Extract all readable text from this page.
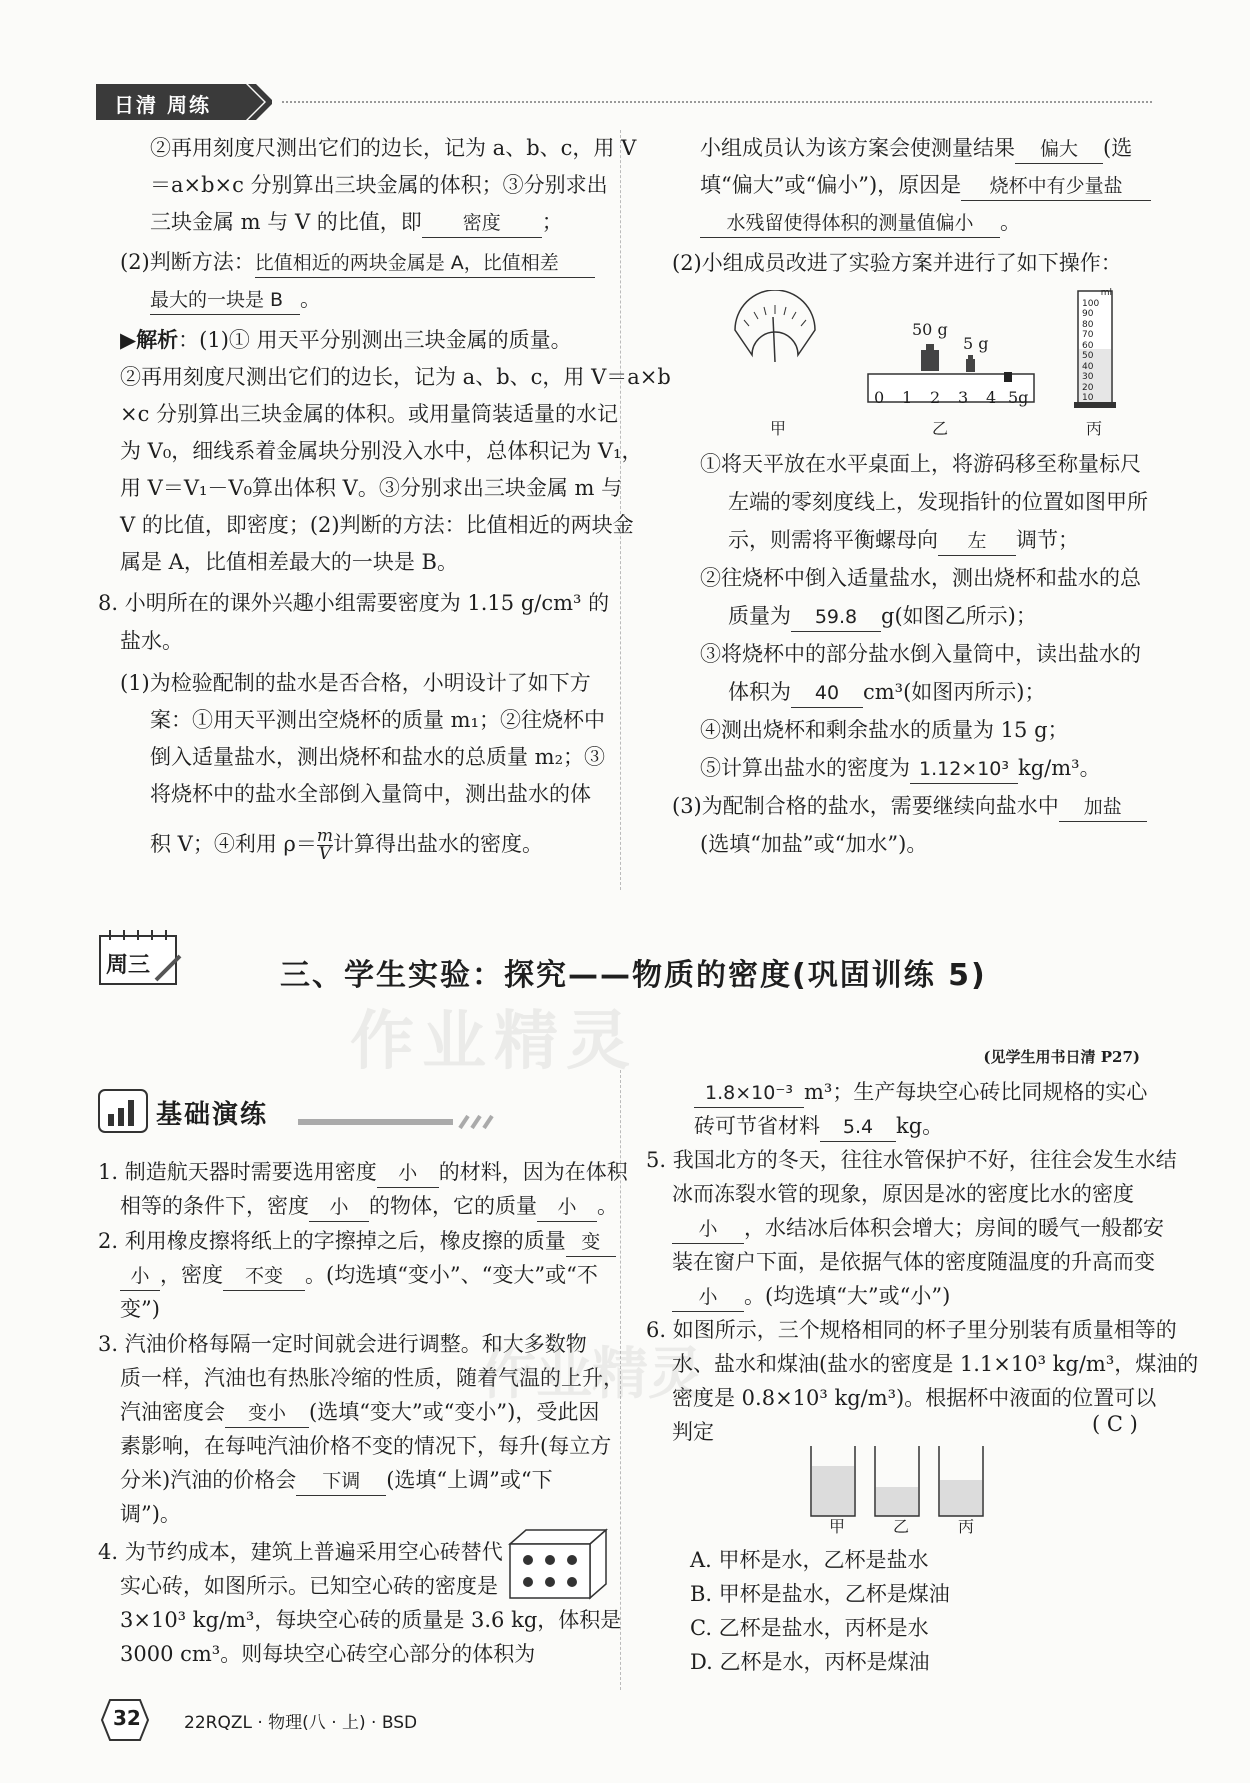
日清 周练
②再用刻度尺测出它们的边长，记为 a、b、c，用 V
＝a×b×c 分别算出三块金属的体积；③分别求出
三块金属 m 与 V 的比值，即 密度 ；
(2)判断方法：比值相近的两块金属是 A，比值相差
最大的一块是 B 。
▶解析：(1)① 用天平分别测出三块金属的质量。
②再用刻度尺测出它们的边长，记为 a、b、c，用 V＝a×b
×c 分别算出三块金属的体积。或用量筒装适量的水记
为 V₀，细线系着金属块分别没入水中，总体积记为 V₁，
用 V＝V₁－V₀算出体积 V。③分别求出三块金属 m 与
V 的比值，即密度；(2)判断的方法：比值相近的两块金
属是 A，比值相差最大的一块是 B。
8. 小明所在的课外兴趣小组需要密度为 1.15 g/cm³ 的
盐水。
(1)为检验配制的盐水是否合格，小明设计了如下方
案：①用天平测出空烧杯的质量 m₁；②往烧杯中
倒入适量盐水，测出烧杯和盐水的总质量 m₂；③
将烧杯中的盐水全部倒入量筒中，测出盐水的体
积 V；④利用 $\rho= \frac{m}{V}$ 计算得出盐水的密度。
小组成员认为该方案会使测量结果 偏大 (选
填“偏大”或“偏小”)，原因是 烧杯中有少量盐
水残留使得体积的测量值偏小 。
(2)小组成员改进了实验方案并进行了如下操作：
甲
50 g
5 g
0 1 2 3 4 5g
乙
ml
100
90
80
70
60
50
40
30
20
10
丙
①将天平放在水平桌面上，将游码移至称量标尺
左端的零刻度线上，发现指针的位置如图甲所
示，则需将平衡螺母向 左 调节；
②往烧杯中倒入适量盐水，测出烧杯和盐水的总
质量为 59.8 g(如图乙所示)；
③将烧杯中的部分盐水倒入量筒中，读出盐水的
体积为 40 cm³(如图丙所示)；
④测出烧杯和剩余盐水的质量为 15 g；
⑤计算出盐水的密度为 1.12×10³ kg/m³。
(3)为配制合格的盐水，需要继续向盐水中 加盐
(选填“加盐”或“加水”)。
周三	三、学生实验：探究——物质的密度(巩固训练 5)
作业精灵	(见学生用书日清 P27)
基础演练
1. 制造航天器时需要选用密度 小 的材料，因为在体积
相等的条件下，密度 小 的物体，它的质量 小 。
2. 利用橡皮擦将纸上的字擦掉之后，橡皮擦的质量 变
小 ，密度 不变 。(均选填“变小”、“变大”或“不
变”)
3. 汽油价格每隔一定时间就会进行调整。和大多数物
质一样，汽油也有热胀冷缩的性质，随着气温的上升，
汽油密度会 变小 (选填“变大”或“变小”)，受此因
素影响，在每吨汽油价格不变的情况下，每升(每立方
分米)汽油的价格会 下调 (选填“上调”或“下
调”)。
作业精灵
4. 为节约成本，建筑上普遍采用空心砖替代
实心砖，如图所示。已知空心砖的密度是
3×10³ kg/m³，每块空心砖的质量是 3.6 kg，体积是
3000 cm³。则每块空心砖空心部分的体积为
1.8×10⁻³ m³；生产每块空心砖比同规格的实心
砖可节省材料 5.4 kg。
5. 我国北方的冬天，往往水管保护不好，往往会发生水结
冰而冻裂水管的现象，原因是冰的密度比水的密度
小 ，水结冰后体积会增大；房间的暖气一般都安
装在窗户下面，是依据气体的密度随温度的升高而变
小 。(均选填“大”或“小”)
6. 如图所示，三个规格相同的杯子里分别装有质量相等的
水、盐水和煤油(盐水的密度是 1.1×10³ kg/m³，煤油的
密度是 0.8×10³ kg/m³)。根据杯中液面的位置可以
判定	( C )
甲	乙	丙
A. 甲杯是水，乙杯是盐水
B. 甲杯是盐水，乙杯是煤油
C. 乙杯是盐水，丙杯是水
D. 乙杯是水，丙杯是煤油
32	22RQZL · 物理(八 · 上) · BSD
